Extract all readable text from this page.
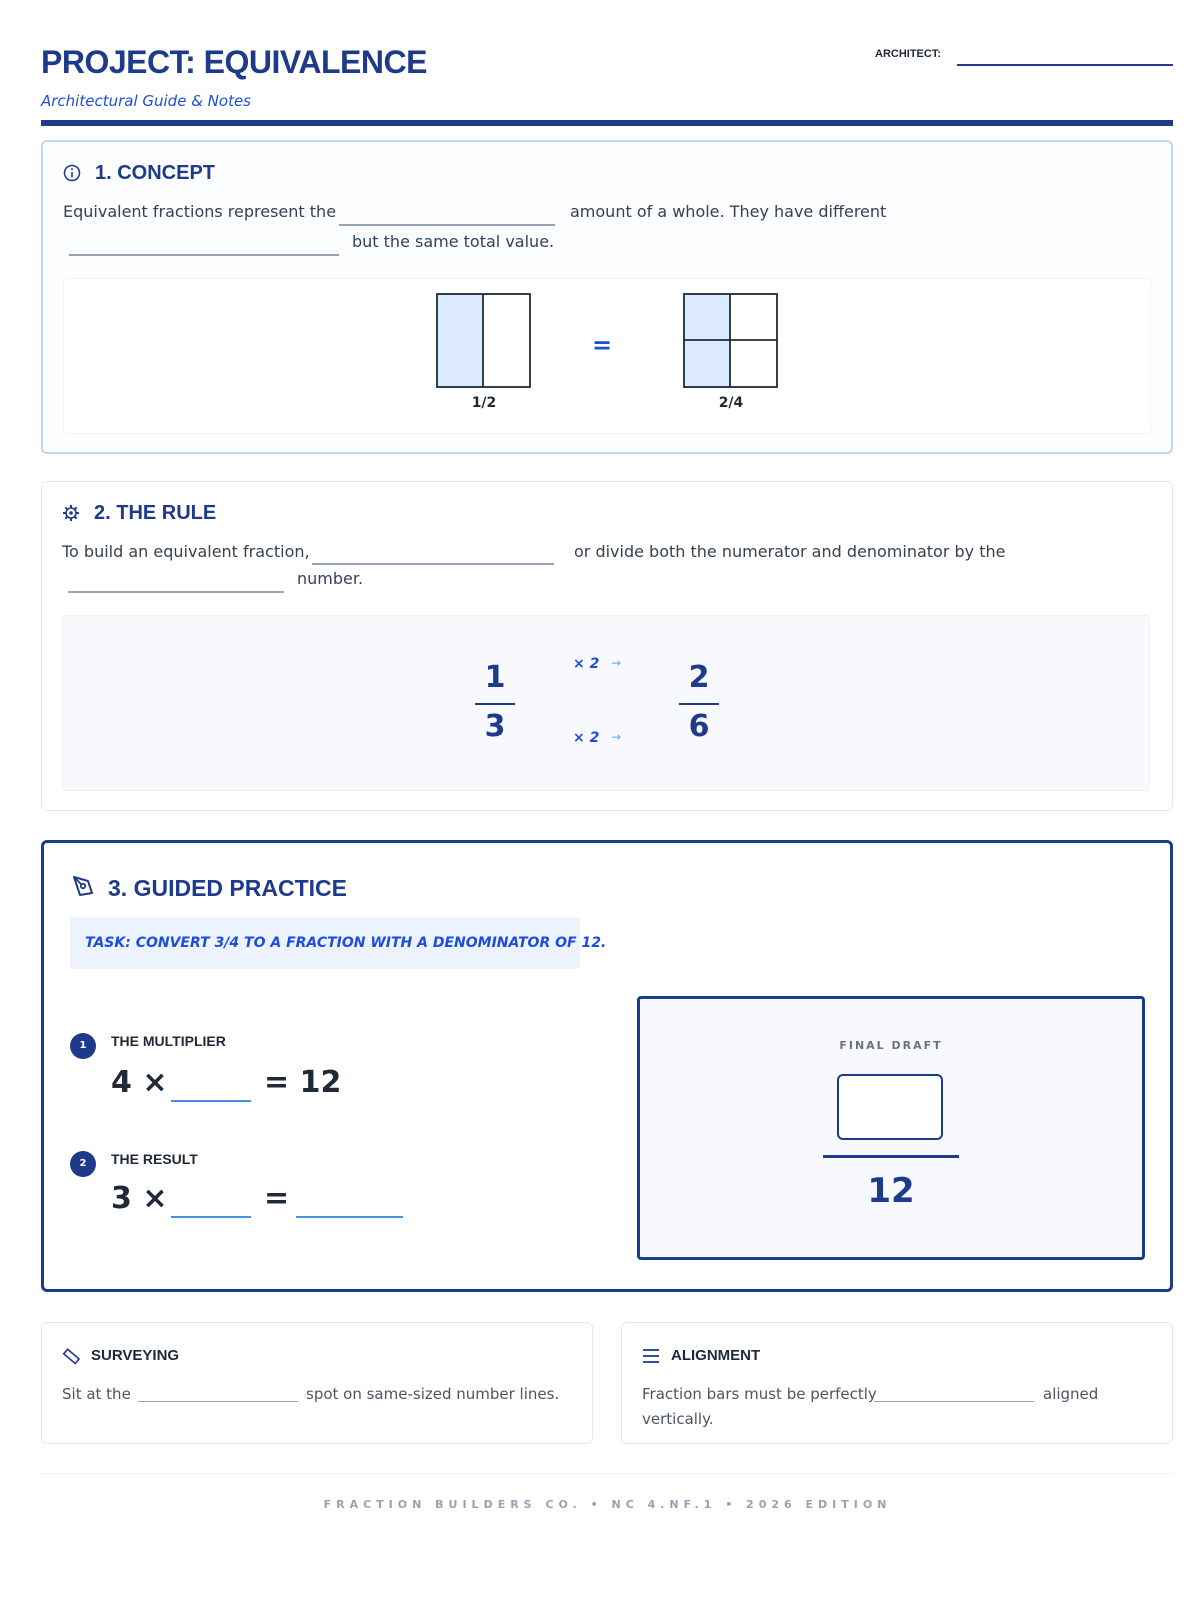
PROJECT: EQUIVALENCE
Architectural Guide & Notes
ARCHITECT:
1. CONCEPT
Equivalent fractions represent the	amount of a whole. They have different
but the same total value.
1/2
=
2/4
2. THE RULE
To build an equivalent fraction,	or divide both the numerator and denominator by the
number.
1
3
× 2 →
× 2 →
2
6
3. GUIDED PRACTICE
TASK: CONVERT 3/4 TO A FRACTION WITH A DENOMINATOR OF 12.
1	THE MULTIPLIER
4 ×	= 12
2	THE RESULT
3 ×	=
FINAL DRAFT
12
SURVEYING
Sit at the	spot on same-sized number lines.
ALIGNMENT
Fraction bars must be perfectly	aligned
vertically.
FRACTION BUILDERS CO. • NC 4.NF.1 • 2026 EDITION
